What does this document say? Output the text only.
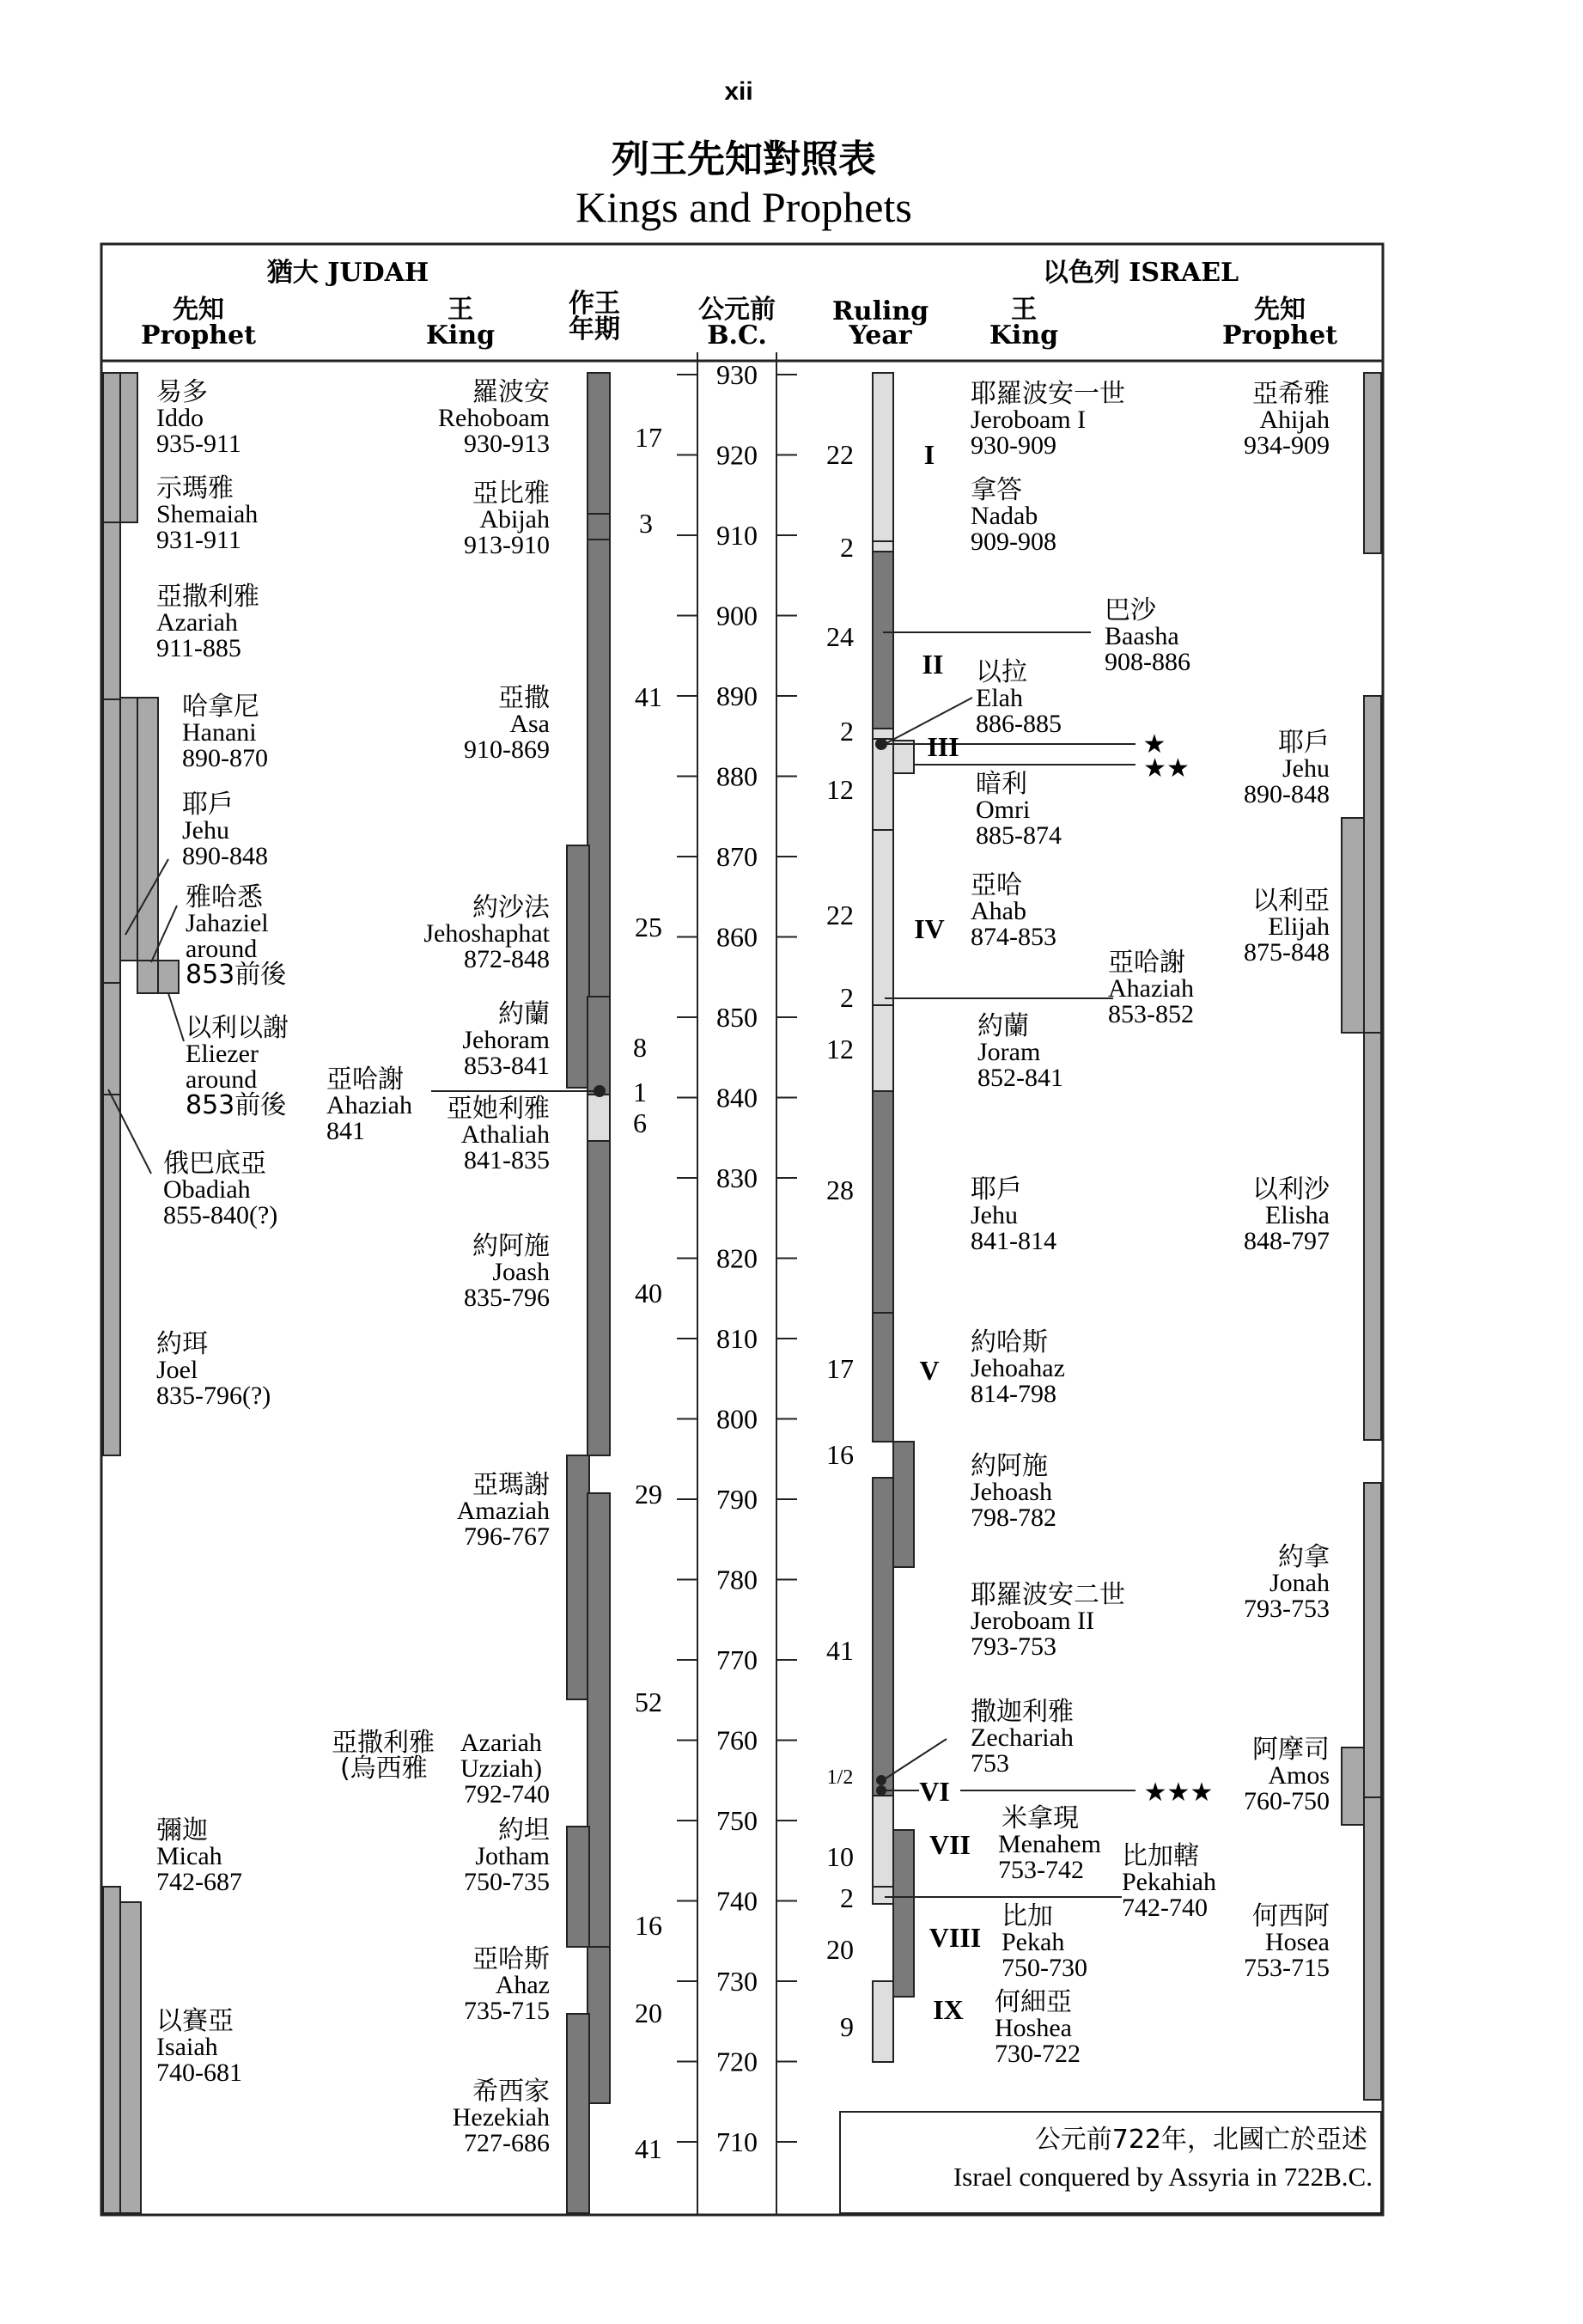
xii
列王先知對照表
Kings and Prophets
猶大 JUDAH	以色列 ISRAEL
先知
Prophet
王
King
作王
年期
公元前
B.C.
Ruling
Year
王
King
先知
Prophet
930
920
910
900
890
880
870
860
850
840
830
820
810
800
790
780
770
760
750
740
730
720
710
★
★★
★★★
易多 Iddo 935-911
示瑪雅 Shemaiah 931-911
亞撒利雅 Azariah 911-885
哈拿尼 Hanani 890-870
耶戶 Jehu 890-848
雅哈悉 Jahaziel around 853前後
以利以謝 Eliezer around 853前後
俄巴底亞 Obadiah 855-840(?)
約珥 Joel 835-796(?)
彌迦 Micah 742-687
以賽亞 Isaiah 740-681
羅波安 Rehoboam 930-913
亞比雅 Abijah 913-910
亞撒 Asa 910-869
約沙法 Jehoshaphat 872-848
約蘭 Jehoram 853-841
亞她利雅 Athaliah 841-835
約阿施 Joash 835-796
亞瑪謝 Amaziah 796-767
約坦 Jotham 750-735
亞哈斯 Ahaz 735-715
希西家 Hezekiah 727-686
亞撒利雅 Azariah
(烏西雅 Uzziah)
792-740
亞哈謝 Ahaziah 841
17
3
41
25
8
1
6
40
29
52
16
20
41
22
2
24
2
12
22
2
12
28
17
16
41
1/2
10
2
20
9
I
II
III
IV
V
VI
VII
VIII
IX
耶羅波安一世 Jeroboam I 930-909
拿答 Nadab 909-908
巴沙 Baasha 908-886
以拉 Elah 886-885
暗利 Omri 885-874
亞哈 Ahab 874-853
亞哈謝 Ahaziah 853-852
約蘭 Joram 852-841
耶戶 Jehu 841-814
約哈斯 Jehoahaz 814-798
約阿施 Jehoash 798-782
耶羅波安二世 Jeroboam II 793-753
撒迦利雅 Zechariah 753
米拿現 Menahem 753-742	比加轄 Pekahiah 742-740
比加 Pekah 750-730
何細亞 Hoshea 730-722
亞希雅 Ahijah 934-909
耶戶 Jehu 890-848
以利亞 Elijah 875-848
以利沙 Elisha 848-797
約拿 Jonah 793-753
阿摩司 Amos 760-750
何西阿 Hosea 753-715
公元前722年，北國亡於亞述
Israel conquered by Assyria in 722B.C.
